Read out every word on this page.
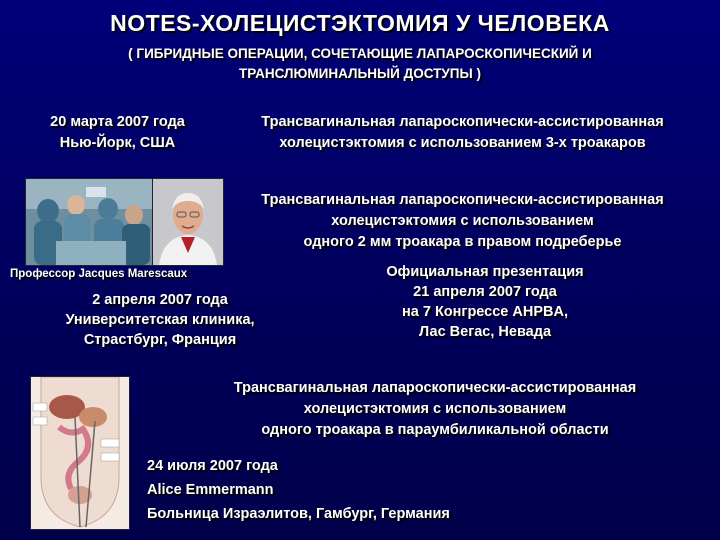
NOTES-ХОЛЕЦИСТЭКТОМИЯ У ЧЕЛОВЕКА
( ГИБРИДНЫЕ ОПЕРАЦИИ, СОЧЕТАЮЩИЕ ЛАПАРОСКОПИЧЕСКИЙ И
ТРАНСЛЮМИНАЛЬНЫЙ ДОСТУПЫ )
20 марта 2007 года
Нью-Йорк, США
Трансвагинальная лапароскопически-ассистированная
холецистэктомия с использованием 3-х троакаров
Трансвагинальная лапароскопически-ассистированная
холецистэктомия с использованием
одного 2 мм троакара в правом подреберье
Профессор Jacques Marescaux
2 апреля 2007 года
Университетская клиника,
Страстбург, Франция
Официальная презентация
21 апреля 2007 года
на 7 Конгрессе AHPBA,
Лас Вегас, Невада
Трансвагинальная лапароскопически-ассистированная
холецистэктомия с использованием
одного троакара в параумбиликальной области
24 июля 2007 года
Alice Emmermann
Больница Израэлитов, Гамбург, Германия
